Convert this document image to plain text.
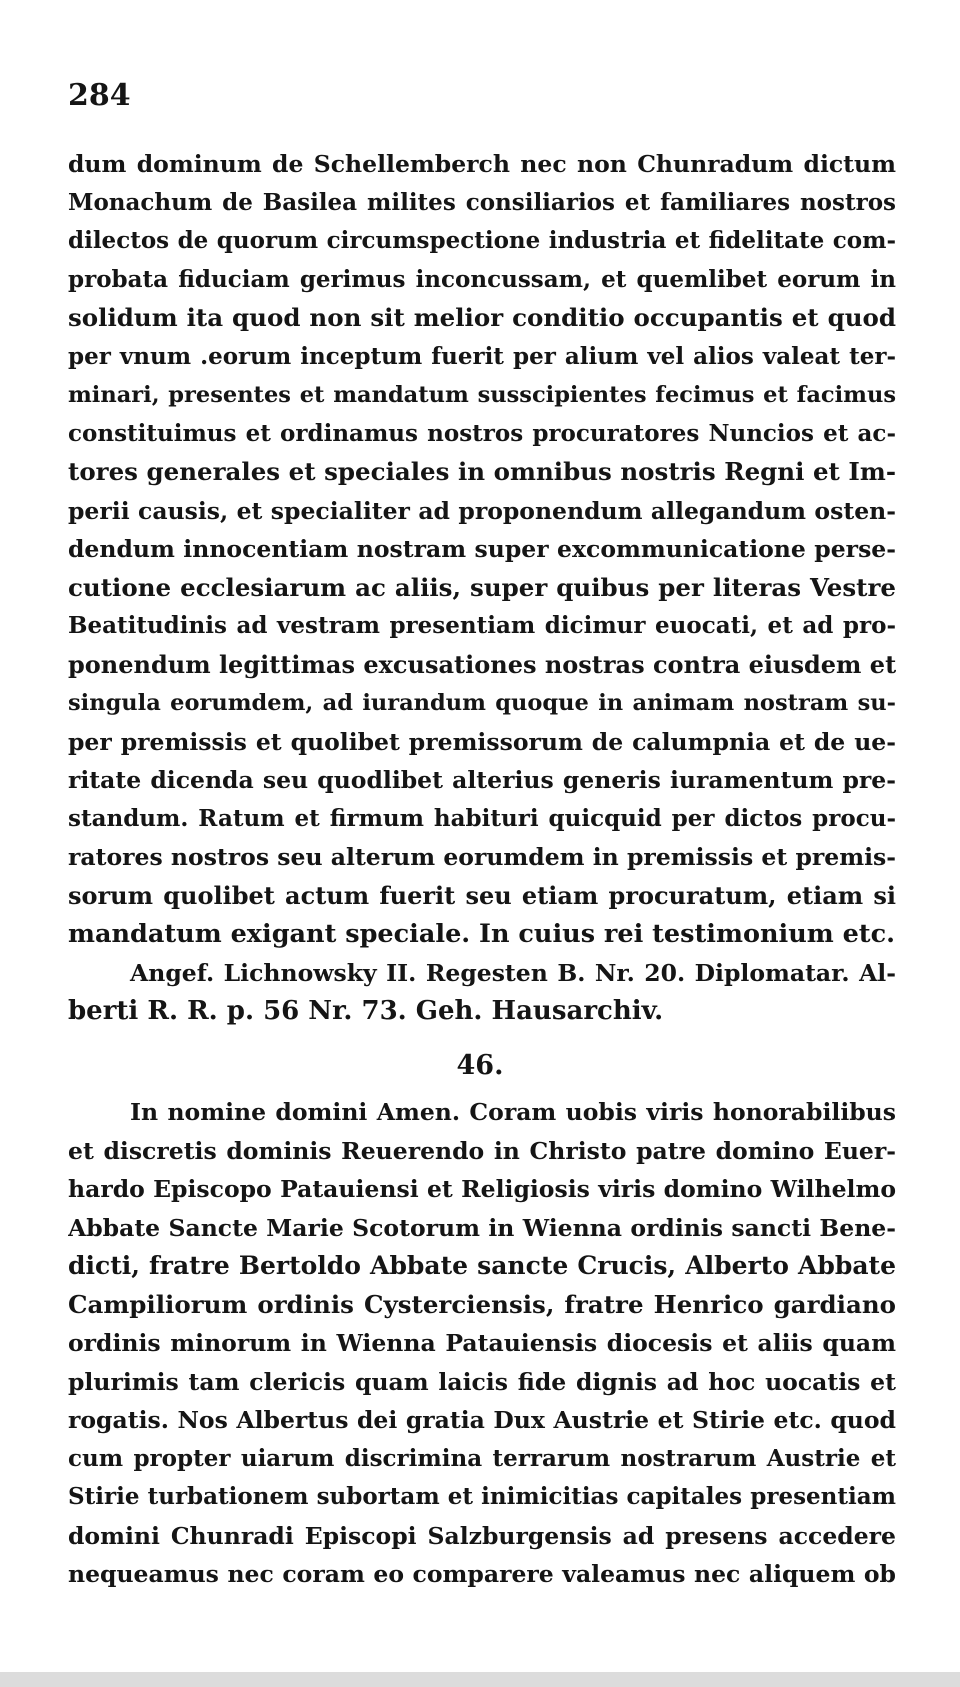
284
dum dominum de Schellemberch nec non Chunradum dictum
Monachum de Basilea milites consiliarios et familiares nostros
dilectos de quorum circumspectione industria et fidelitate com-
probata fiduciam gerimus inconcussam, et quemlibet eorum in
solidum ita quod non sit melior conditio occupantis et quod
per vnum .eorum inceptum fuerit per alium vel alios valeat ter-
minari, presentes et mandatum susscipientes fecimus et facimus
constituimus et ordinamus nostros procuratores Nuncios et ac-
tores generales et speciales in omnibus nostris Regni et Im-
perii causis, et specialiter ad proponendum allegandum osten-
dendum innocentiam nostram super excommunicatione perse-
cutione ecclesiarum ac aliis, super quibus per literas Vestre
Beatitudinis ad vestram presentiam dicimur euocati, et ad pro-
ponendum legittimas excusationes nostras contra eiusdem et
singula eorumdem, ad iurandum quoque in animam nostram su-
per premissis et quolibet premissorum de calumpnia et de ue-
ritate dicenda seu quodlibet alterius generis iuramentum pre-
standum. Ratum et firmum habituri quicquid per dictos procu-
ratores nostros seu alterum eorumdem in premissis et premis-
sorum quolibet actum fuerit seu etiam procuratum, etiam si
mandatum exigant speciale. In cuius rei testimonium etc.
Angef. Lichnowsky II. Regesten B. Nr. 20. Diplomatar. Al-
berti R. R. p. 56 Nr. 73. Geh. Hausarchiv.
46.
In nomine domini Amen. Coram uobis viris honorabilibus
et discretis dominis Reuerendo in Christo patre domino Euer-
hardo Episcopo Patauiensi et Religiosis viris domino Wilhelmo
Abbate Sancte Marie Scotorum in Wienna ordinis sancti Bene-
dicti, fratre Bertoldo Abbate sancte Crucis, Alberto Abbate
Campiliorum ordinis Cysterciensis, fratre Henrico gardiano
ordinis minorum in Wienna Patauiensis diocesis et aliis quam
plurimis tam clericis quam laicis fide dignis ad hoc uocatis et
rogatis. Nos Albertus dei gratia Dux Austrie et Stirie etc. quod
cum propter uiarum discrimina terrarum nostrarum Austrie et
Stirie turbationem subortam et inimicitias capitales presentiam
domini Chunradi Episcopi Salzburgensis ad presens accedere
nequeamus nec coram eo comparere valeamus nec aliquem ob
